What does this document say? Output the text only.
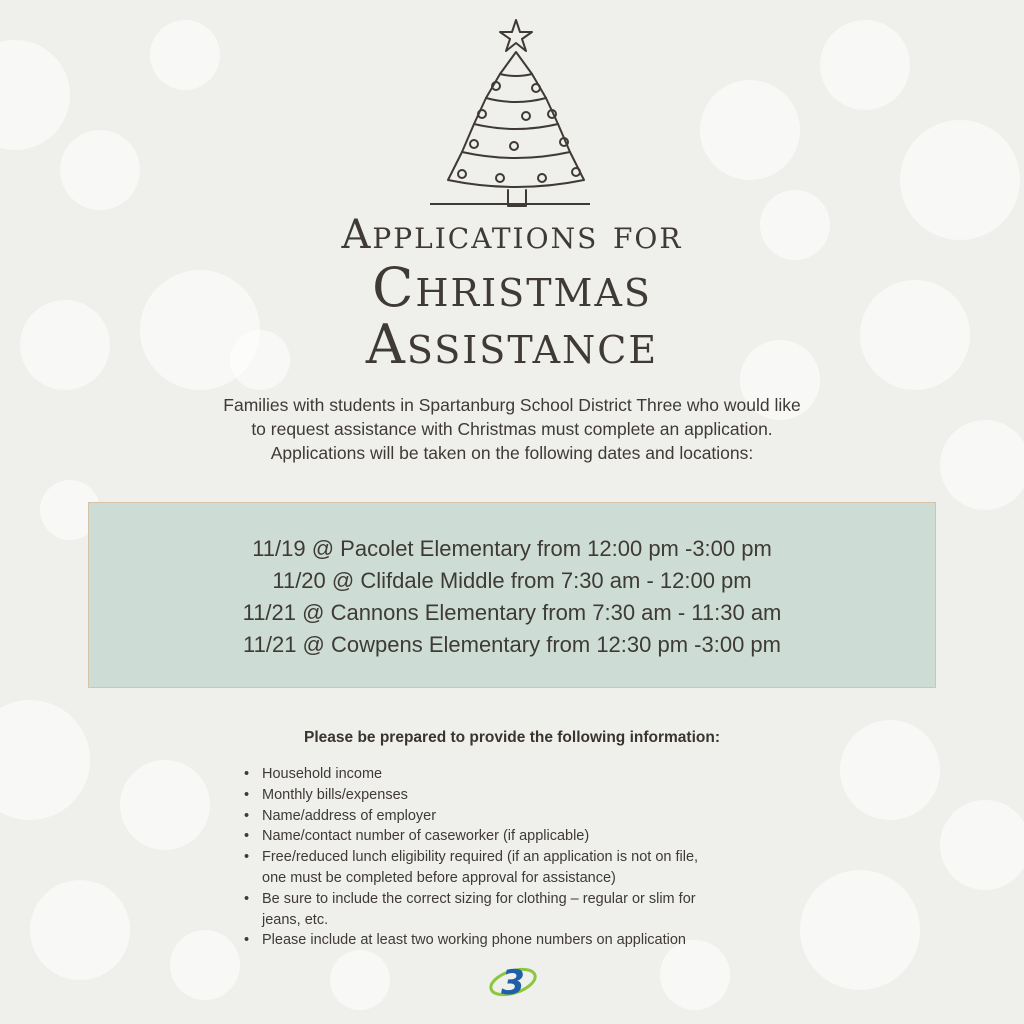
Applications for
Christmas
Assistance
Families with students in Spartanburg School District Three who would like
to request assistance with Christmas must complete an application.
Applications will be taken on the following dates and locations:
11/19 @ Pacolet Elementary from 12:00 pm -3:00 pm
11/20 @ Clifdale Middle from 7:30 am - 12:00 pm
11/21 @ Cannons Elementary from 7:30 am - 11:30 am
11/21 @ Cowpens Elementary from 12:30 pm -3:00 pm
Please be prepared to provide the following information:
• Household income
• Monthly bills/expenses
• Name/address of employer
• Name/contact number of caseworker (if applicable)
• Free/reduced lunch eligibility required (if an application is not on file,
one must be completed before approval for assistance)
• Be sure to include the correct sizing for clothing – regular or slim for
jeans, etc.
• Please include at least two working phone numbers on application
3
